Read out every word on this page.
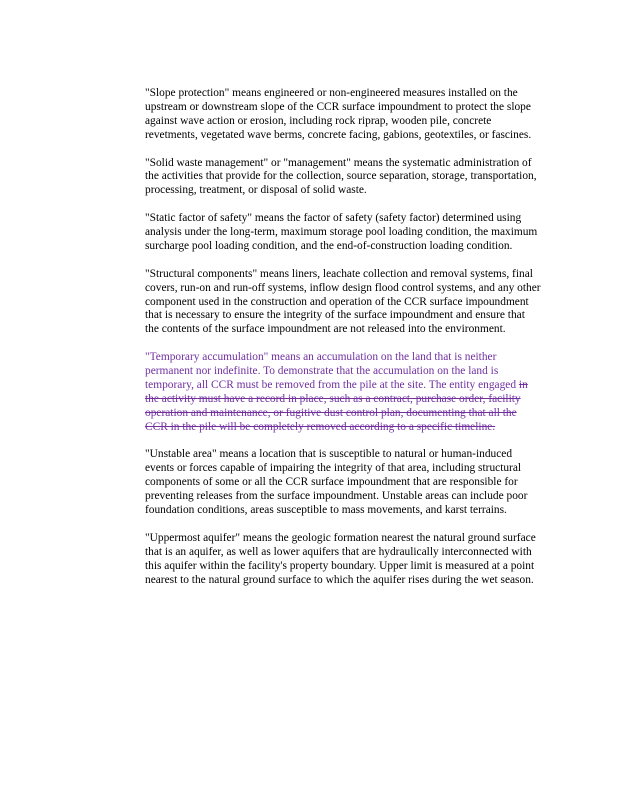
"Slope protection" means engineered or non-engineered measures installed on the upstream or downstream slope of the CCR surface impoundment to protect the slope against wave action or erosion, including rock riprap, wooden pile, concrete revetments, vegetated wave berms, concrete facing, gabions, geotextiles, or fascines.

"Solid waste management" or "management" means the systematic administration of the activities that provide for the collection, source separation, storage, transportation, processing, treatment, or disposal of solid waste.

"Static factor of safety" means the factor of safety (safety factor) determined using analysis under the long-term, maximum storage pool loading condition, the maximum surcharge pool loading condition, and the end-of-construction loading condition.

"Structural components" means liners, leachate collection and removal systems, final covers, run-on and run-off systems, inflow design flood control systems, and any other component used in the construction and operation of the CCR surface impoundment that is necessary to ensure the integrity of the surface impoundment and ensure that the contents of the surface impoundment are not released into the environment.

"Temporary accumulation" means an accumulation on the land that is neither permanent nor indefinite. To demonstrate that the accumulation on the land is temporary, all CCR must be removed from the pile at the site. The entity engaged in the activity must have a record in place, such as a contract, purchase order, facility operation and maintenance, or fugitive dust control plan, documenting that all the CCR in the pile will be completely removed according to a specific timeline.

"Unstable area" means a location that is susceptible to natural or human-induced events or forces capable of impairing the integrity of that area, including structural components of some or all the CCR surface impoundment that are responsible for preventing releases from the surface impoundment. Unstable areas can include poor foundation conditions, areas susceptible to mass movements, and karst terrains.

"Uppermost aquifer" means the geologic formation nearest the natural ground surface that is an aquifer, as well as lower aquifers that are hydraulically interconnected with this aquifer within the facility's property boundary. Upper limit is measured at a point nearest to the natural ground surface to which the aquifer rises during the wet season.
